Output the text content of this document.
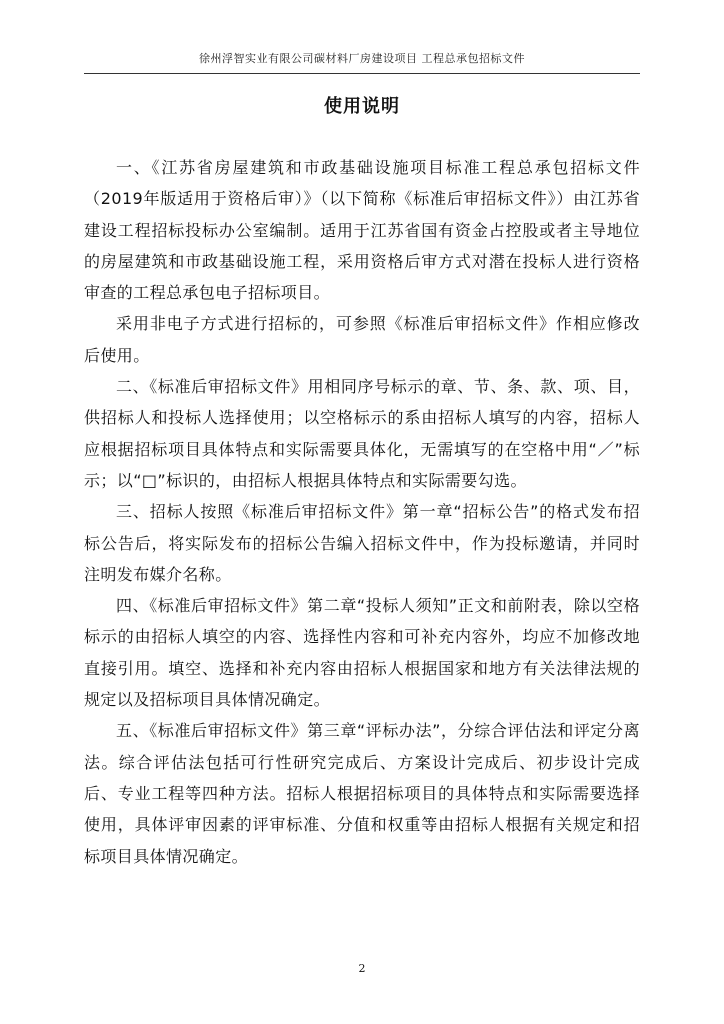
徐州浮智实业有限公司碳材料厂房建设项目 工程总承包招标文件
使用说明

一、《江苏省房屋建筑和市政基础设施项目标准工程总承包招标文件（2019年版适用于资格后审）》（以下简称《标准后审招标文件》）由江苏省建设工程招标投标办公室编制。适用于江苏省国有资金占控股或者主导地位的房屋建筑和市政基础设施工程，采用资格后审方式对潜在投标人进行资格审查的工程总承包电子招标项目。

采用非电子方式进行招标的，可参照《标准后审招标文件》作相应修改后使用。

二、《标准后审招标文件》用相同序号标示的章、节、条、款、项、目，供招标人和投标人选择使用；以空格标示的系由招标人填写的内容，招标人应根据招标项目具体特点和实际需要具体化，无需填写的在空格中用“／”标示；以“□”标识的，由招标人根据具体特点和实际需要勾选。

三、招标人按照《标准后审招标文件》第一章“招标公告”的格式发布招标公告后，将实际发布的招标公告编入招标文件中，作为投标邀请，并同时注明发布媒介名称。

四、《标准后审招标文件》第二章“投标人须知”正文和前附表，除以空格标示的由招标人填空的内容、选择性内容和可补充内容外，均应不加修改地直接引用。填空、选择和补充内容由招标人根据国家和地方有关法律法规的规定以及招标项目具体情况确定。

五、《标准后审招标文件》第三章“评标办法”，分综合评估法和评定分离法。综合评估法包括可行性研究完成后、方案设计完成后、初步设计完成后、专业工程等四种方法。招标人根据招标项目的具体特点和实际需要选择使用，具体评审因素的评审标准、分值和权重等由招标人根据有关规定和招标项目具体情况确定。

2
